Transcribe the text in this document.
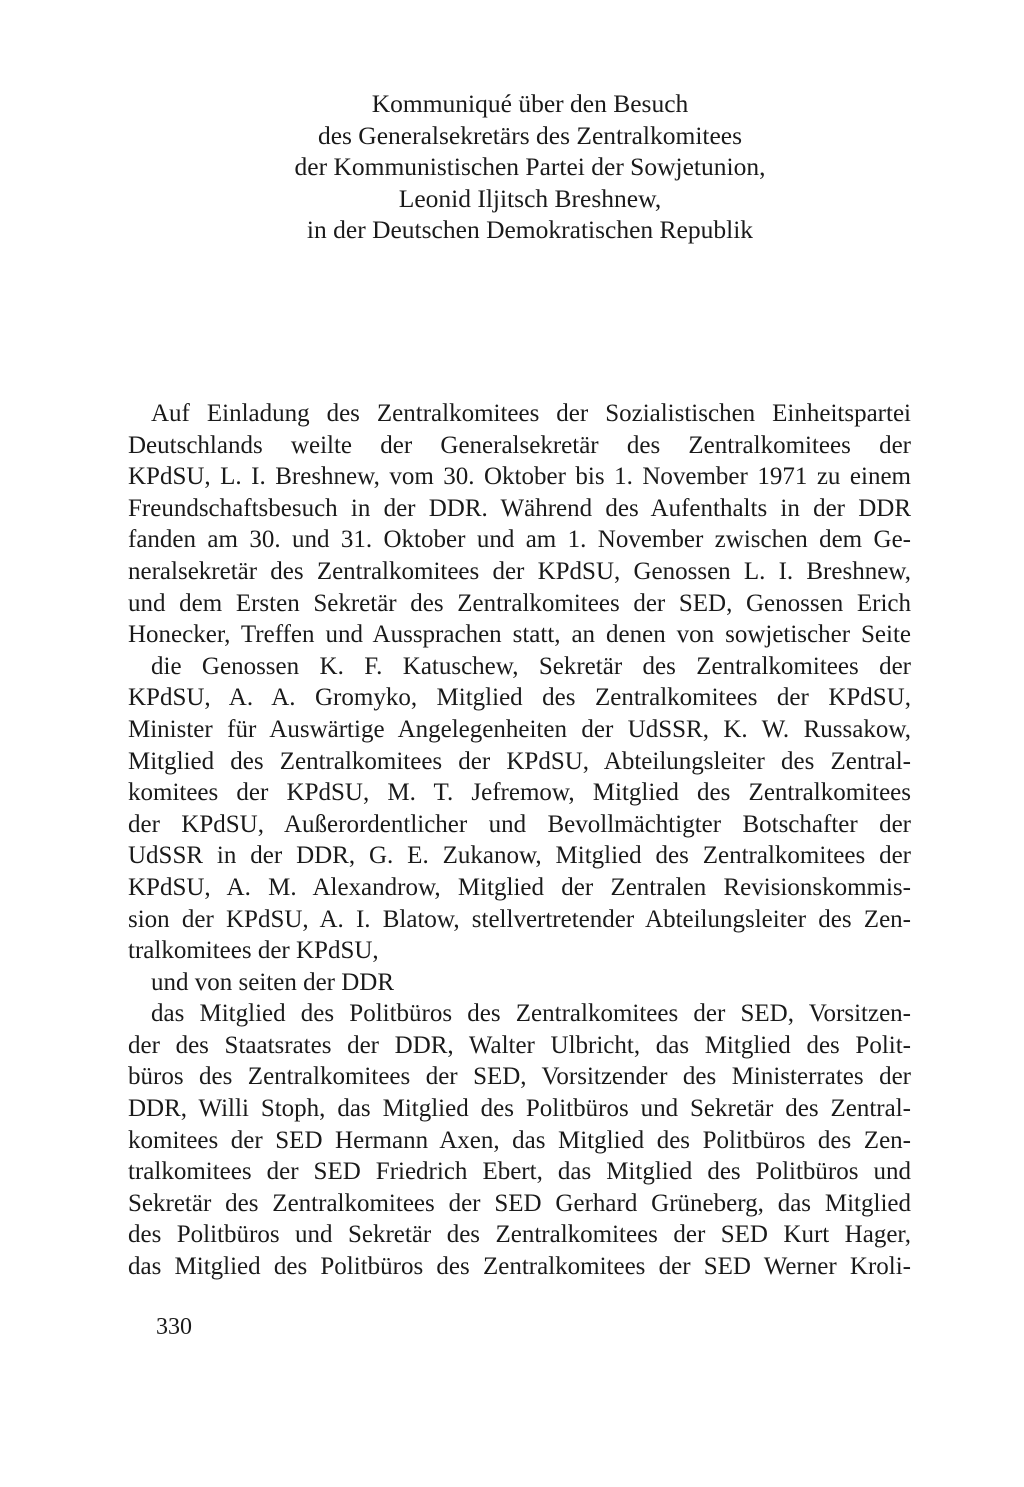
Kommuniqué über den Besuch
des Generalsekretärs des Zentralkomitees
der Kommunistischen Partei der Sowjetunion,
Leonid Iljitsch Breshnew,
in der Deutschen Demokratischen Republik
Auf Einladung des Zentralkomitees der Sozialistischen Einheitspartei
Deutschlands weilte der Generalsekretär des Zentralkomitees der
KPdSU, L. I. Breshnew, vom 30. Oktober bis 1. November 1971 zu einem
Freundschaftsbesuch in der DDR. Während des Aufenthalts in der DDR
fanden am 30. und 31. Oktober und am 1. November zwischen dem Ge-
neralsekretär des Zentralkomitees der KPdSU, Genossen L. I. Breshnew,
und dem Ersten Sekretär des Zentralkomitees der SED, Genossen Erich
Honecker, Treffen und Aussprachen statt, an denen von sowjetischer Seite
die Genossen K. F. Katuschew, Sekretär des Zentralkomitees der
KPdSU, A. A. Gromyko, Mitglied des Zentralkomitees der KPdSU,
Minister für Auswärtige Angelegenheiten der UdSSR, K. W. Russakow,
Mitglied des Zentralkomitees der KPdSU, Abteilungsleiter des Zentral-
komitees der KPdSU, M. T. Jefremow, Mitglied des Zentralkomitees
der KPdSU, Außerordentlicher und Bevollmächtigter Botschafter der
UdSSR in der DDR, G. E. Zukanow, Mitglied des Zentralkomitees der
KPdSU, A. M. Alexandrow, Mitglied der Zentralen Revisionskommis-
sion der KPdSU, A. I. Blatow, stellvertretender Abteilungsleiter des Zen-
tralkomitees der KPdSU,
und von seiten der DDR
das Mitglied des Politbüros des Zentralkomitees der SED, Vorsitzen-
der des Staatsrates der DDR, Walter Ulbricht, das Mitglied des Polit-
büros des Zentralkomitees der SED, Vorsitzender des Ministerrates der
DDR, Willi Stoph, das Mitglied des Politbüros und Sekretär des Zentral-
komitees der SED Hermann Axen, das Mitglied des Politbüros des Zen-
tralkomitees der SED Friedrich Ebert, das Mitglied des Politbüros und
Sekretär des Zentralkomitees der SED Gerhard Grüneberg, das Mitglied
des Politbüros und Sekretär des Zentralkomitees der SED Kurt Hager,
das Mitglied des Politbüros des Zentralkomitees der SED Werner Kroli-
330
